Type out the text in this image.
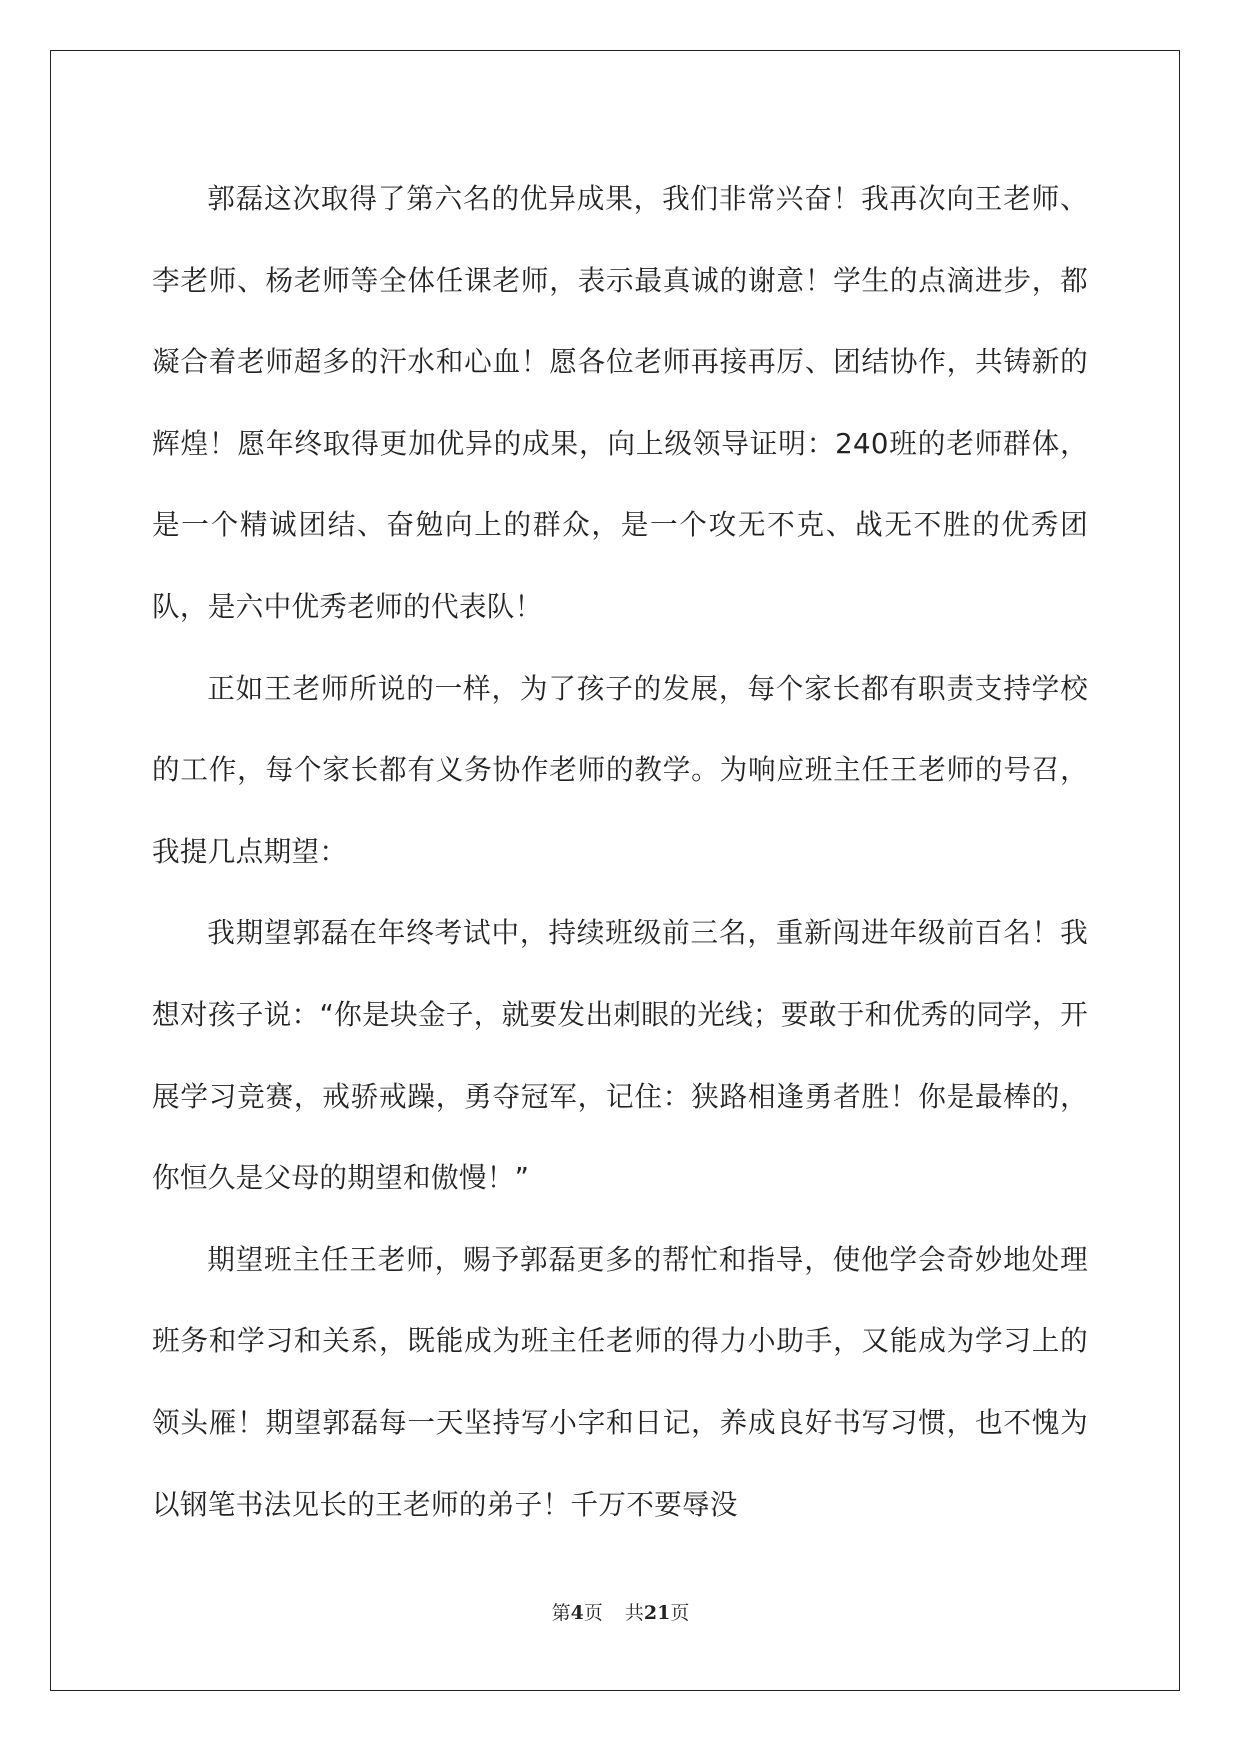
郭磊这次取得了第六名的优异成果，我们非常兴奋！我再次向王老师、李老师、杨老师等全体任课老师，表示最真诚的谢意！学生的点滴进步，都凝合着老师超多的汗水和心血！愿各位老师再接再厉、团结协作，共铸新的辉煌！愿年终取得更加优异的成果，向上级领导证明：240班的老师群体，是一个精诚团结、奋勉向上的群众，是一个攻无不克、战无不胜的优秀团队，是六中优秀老师的代表队！

正如王老师所说的一样，为了孩子的发展，每个家长都有职责支持学校的工作，每个家长都有义务协作老师的教学。为响应班主任王老师的号召，我提几点期望：

我期望郭磊在年终考试中，持续班级前三名，重新闯进年级前百名！我想对孩子说：“你是块金子，就要发出刺眼的光线；要敢于和优秀的同学，开展学习竞赛，戒骄戒躁，勇夺冠军，记住：狭路相逢勇者胜！你是最棒的，你恒久是父母的期望和傲慢！”

期望班主任王老师，赐予郭磊更多的帮忙和指导，使他学会奇妙地处理班务和学习和关系，既能成为班主任老师的得力小助手，又能成为学习上的领头雁！期望郭磊每一天坚持写小字和日记，养成良好书写习惯，也不愧为以钢笔书法见长的王老师的弟子！千万不要辱没

第4页 共21页
